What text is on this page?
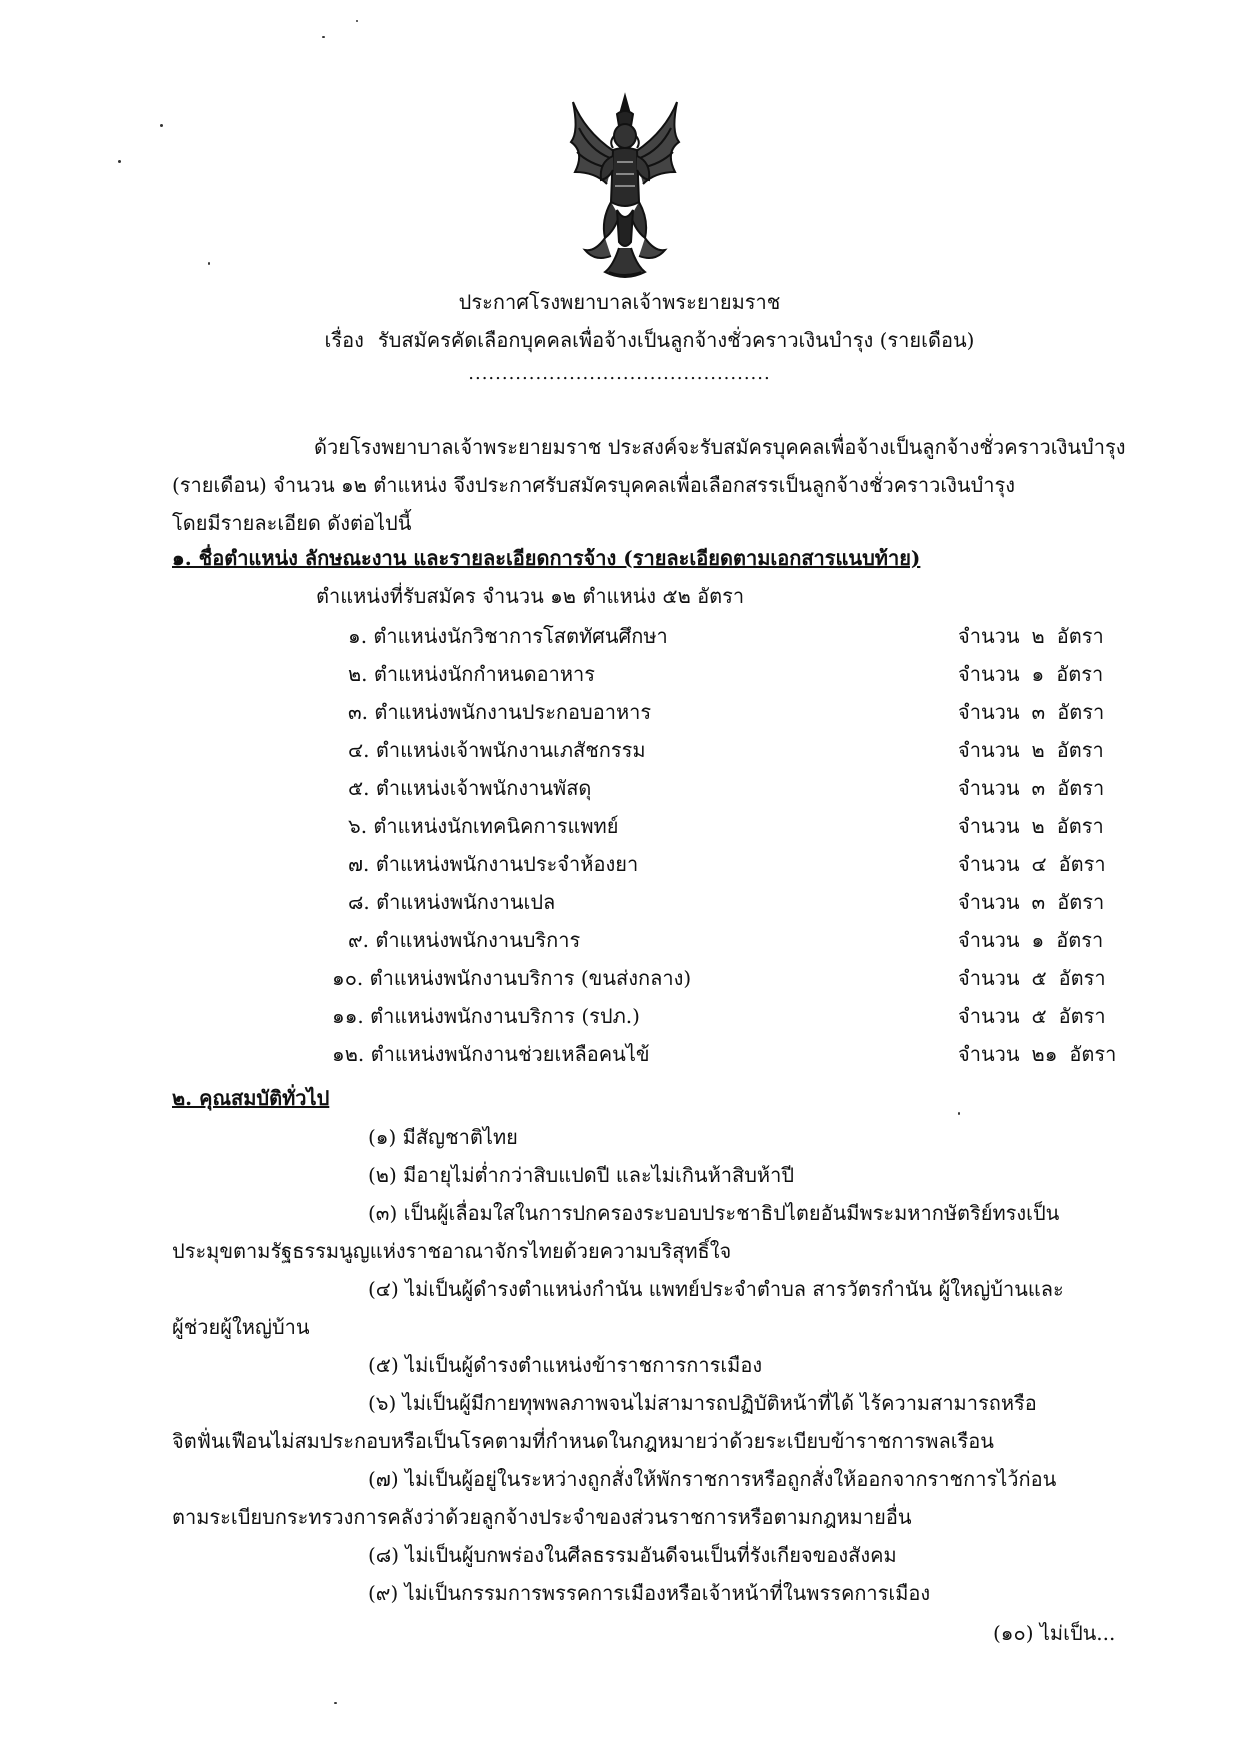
ประกาศโรงพยาบาลเจ้าพระยายมราช
เรื่อง รับสมัครคัดเลือกบุคคลเพื่อจ้างเป็นลูกจ้างชั่วคราวเงินบำรุง (รายเดือน)
.............................................
ด้วยโรงพยาบาลเจ้าพระยายมราช ประสงค์จะรับสมัครบุคคลเพื่อจ้างเป็นลูกจ้างชั่วคราวเงินบำรุง
(รายเดือน) จำนวน ๑๒ ตำแหน่ง จึงประกาศรับสมัครบุคคลเพื่อเลือกสรรเป็นลูกจ้างชั่วคราวเงินบำรุง
โดยมีรายละเอียด ดังต่อไปนี้
๑. ชื่อตำแหน่ง ลักษณะงาน และรายละเอียดการจ้าง (รายละเอียดตามเอกสารแนบท้าย)
ตำแหน่งที่รับสมัคร จำนวน ๑๒ ตำแหน่ง ๕๒ อัตรา
๑. ตำแหน่งนักวิชาการโสตทัศนศึกษา	จำนวน ๒ อัตรา
๒. ตำแหน่งนักกำหนดอาหาร	จำนวน ๑ อัตรา
๓. ตำแหน่งพนักงานประกอบอาหาร	จำนวน ๓ อัตรา
๔. ตำแหน่งเจ้าพนักงานเภสัชกรรม	จำนวน ๒ อัตรา
๕. ตำแหน่งเจ้าพนักงานพัสดุ	จำนวน ๓ อัตรา
๖. ตำแหน่งนักเทคนิคการแพทย์	จำนวน ๒ อัตรา
๗. ตำแหน่งพนักงานประจำห้องยา	จำนวน ๔ อัตรา
๘. ตำแหน่งพนักงานเปล	จำนวน ๓ อัตรา
๙. ตำแหน่งพนักงานบริการ	จำนวน ๑ อัตรา
๑๐. ตำแหน่งพนักงานบริการ (ขนส่งกลาง)	จำนวน ๕ อัตรา
๑๑. ตำแหน่งพนักงานบริการ (รปภ.)	จำนวน ๕ อัตรา
๑๒. ตำแหน่งพนักงานช่วยเหลือคนไข้	จำนวน ๒๑ อัตรา
๒. คุณสมบัติทั่วไป
(๑) มีสัญชาติไทย
(๒) มีอายุไม่ต่ำกว่าสิบแปดปี และไม่เกินห้าสิบห้าปี
(๓) เป็นผู้เลื่อมใสในการปกครองระบอบประชาธิปไตยอันมีพระมหากษัตริย์ทรงเป็น
ประมุขตามรัฐธรรมนูญแห่งราชอาณาจักรไทยด้วยความบริสุทธิ์ใจ
(๔) ไม่เป็นผู้ดำรงตำแหน่งกำนัน แพทย์ประจำตำบล สารวัตรกำนัน ผู้ใหญ่บ้านและ
ผู้ช่วยผู้ใหญ่บ้าน
(๕) ไม่เป็นผู้ดำรงตำแหน่งข้าราชการการเมือง
(๖) ไม่เป็นผู้มีกายทุพพลภาพจนไม่สามารถปฏิบัติหน้าที่ได้ ไร้ความสามารถหรือ
จิตฟั่นเฟือนไม่สมประกอบหรือเป็นโรคตามที่กำหนดในกฎหมายว่าด้วยระเบียบข้าราชการพลเรือน
(๗) ไม่เป็นผู้อยู่ในระหว่างถูกสั่งให้พักราชการหรือถูกสั่งให้ออกจากราชการไว้ก่อน
ตามระเบียบกระทรวงการคลังว่าด้วยลูกจ้างประจำของส่วนราชการหรือตามกฎหมายอื่น
(๘) ไม่เป็นผู้บกพร่องในศีลธรรมอันดีจนเป็นที่รังเกียจของสังคม
(๙) ไม่เป็นกรรมการพรรคการเมืองหรือเจ้าหน้าที่ในพรรคการเมือง
(๑๐) ไม่เป็น...
